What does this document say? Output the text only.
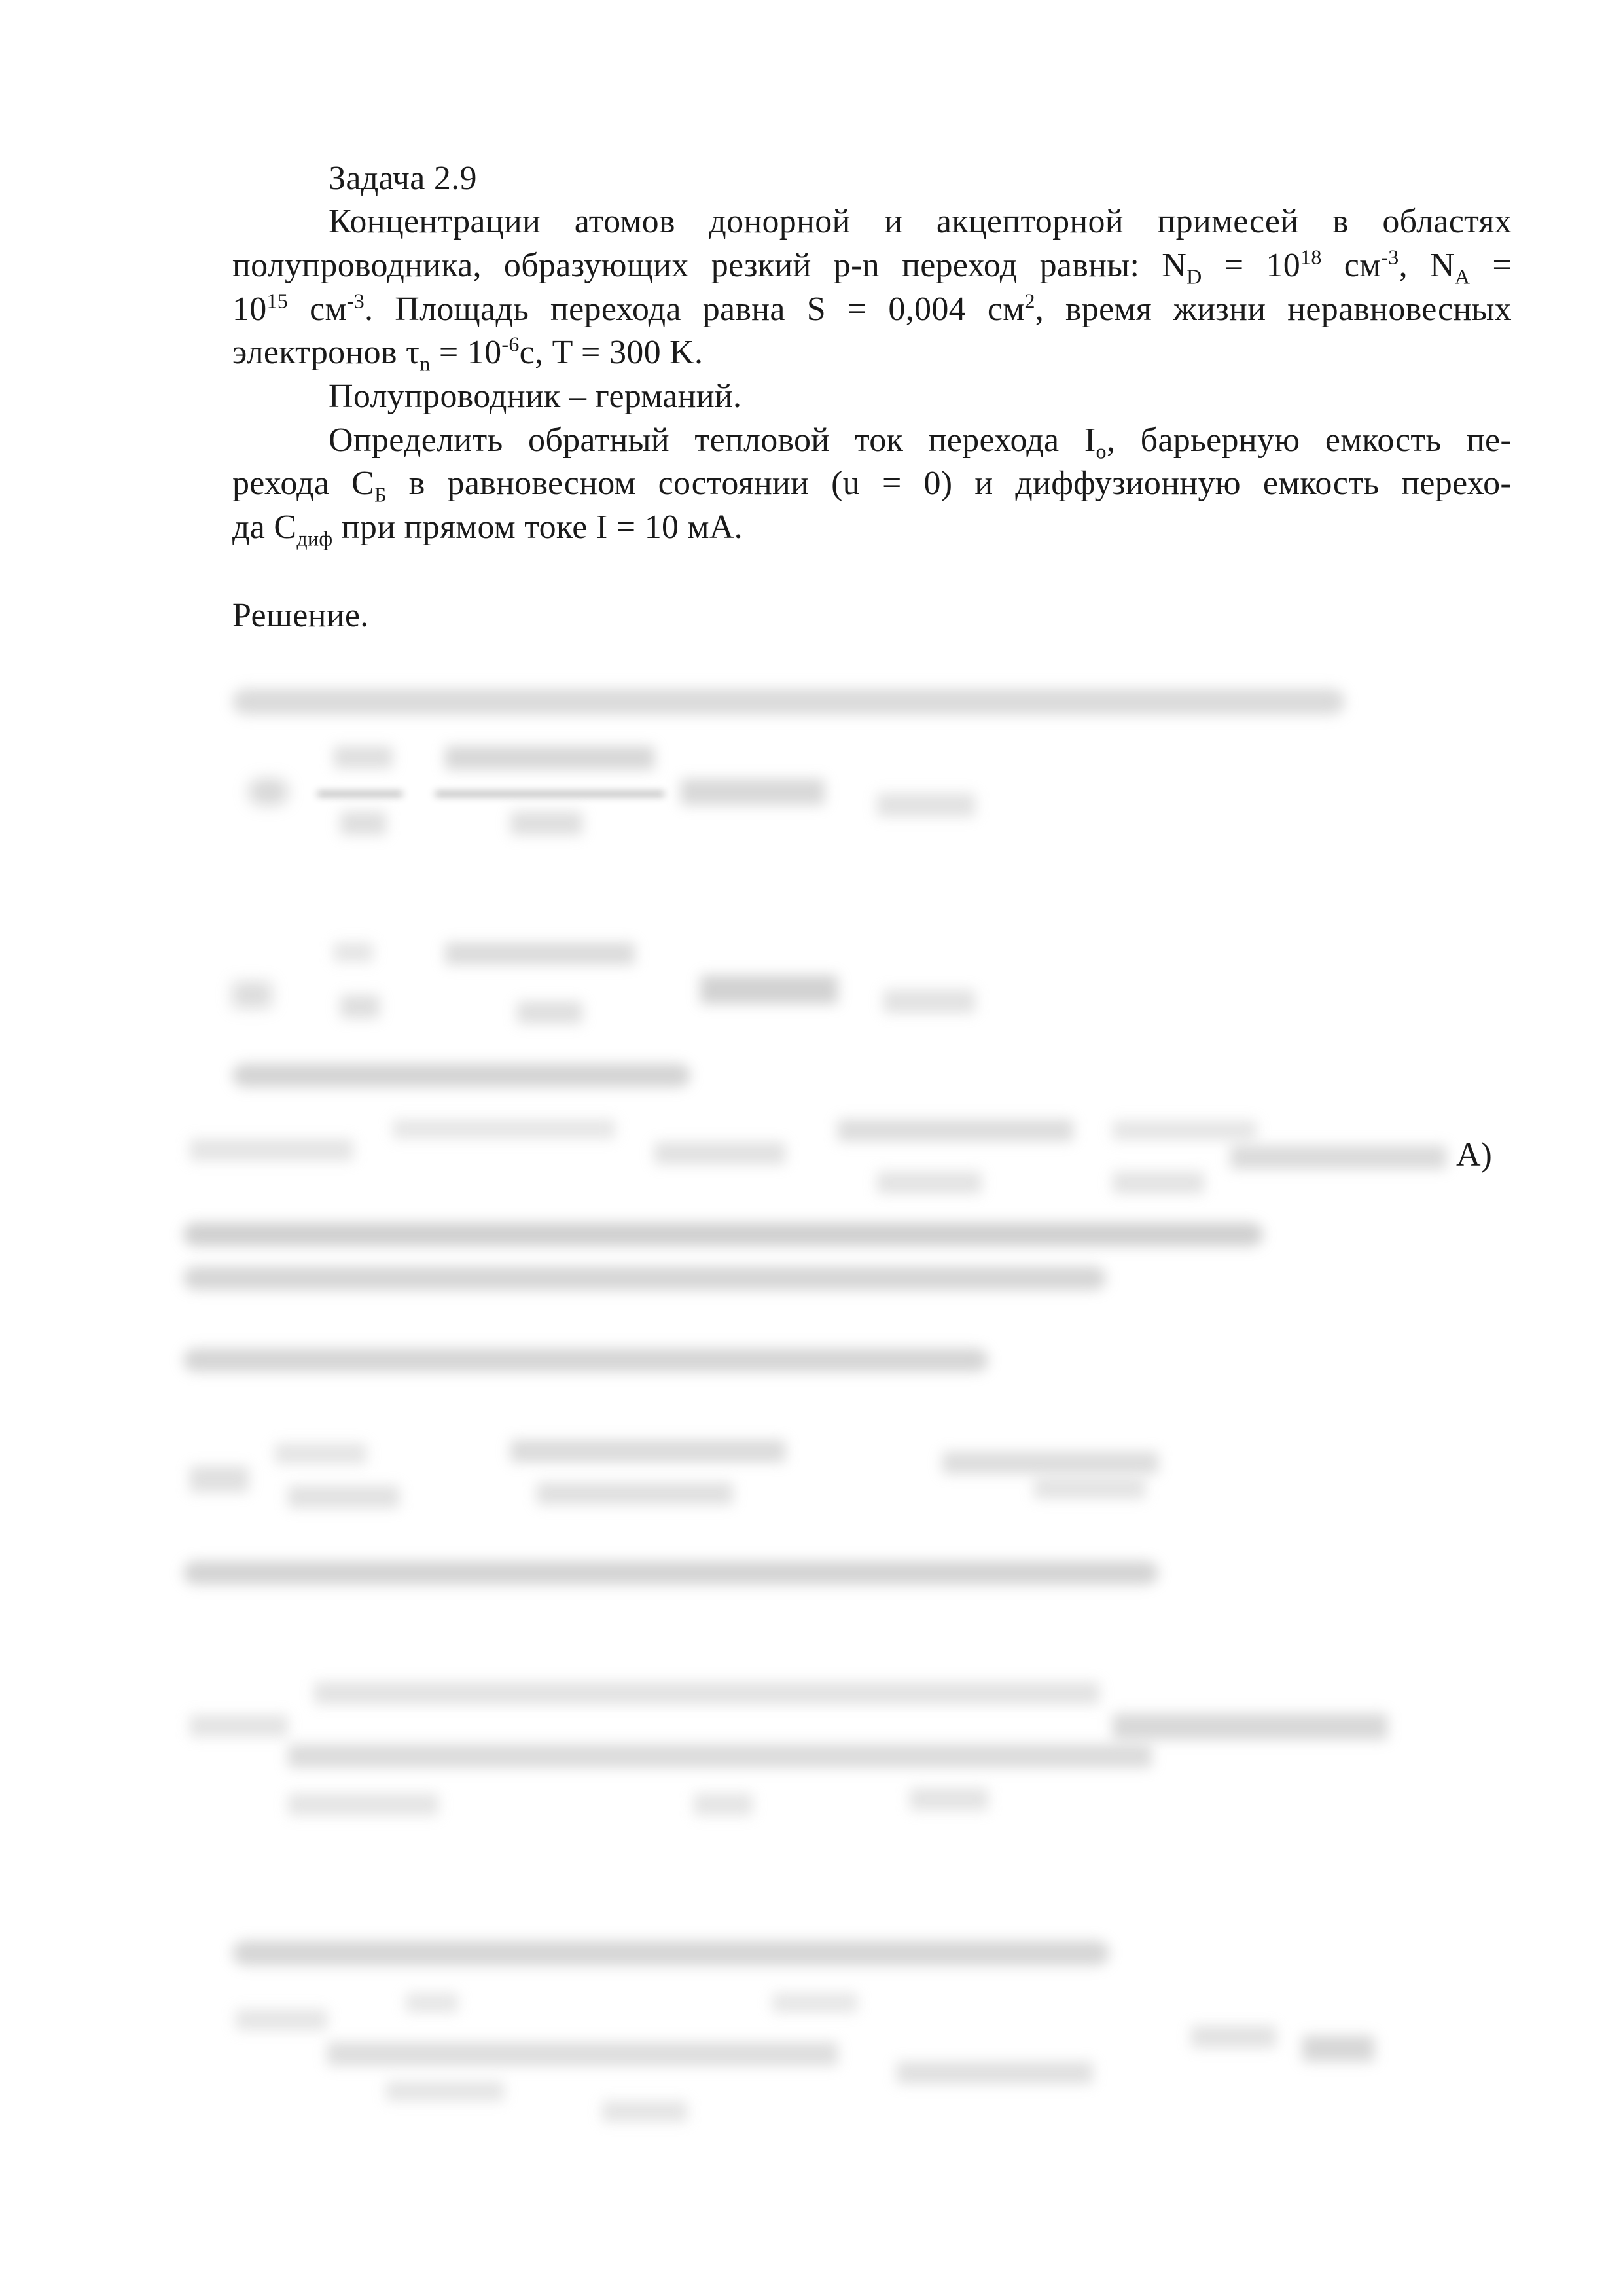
Задача 2.9
Концентрации атомов донорной и акцепторной примесей в областях
полупроводника, образующих резкий p-n переход равны: $N_D = 10^{18}$ $см^{-3}$, $N_A$ =
$10^{15}$ $см^{-3}$. Площадь перехода равна S = 0,004 $см^2$, время жизни неравновесных
электронов $\tau_n = 10^{-6}с$, T = 300 K.
Полупроводник – германий.
Определить обратный тепловой ток перехода $I_o$, барьерную емкость пе-
рехода $C_Б$ в равновесном состоянии (u = 0) и диффузионную емкость перехо-
да $C_{диф}$ при прямом токе I = 10 мА.
Решение.
А)
